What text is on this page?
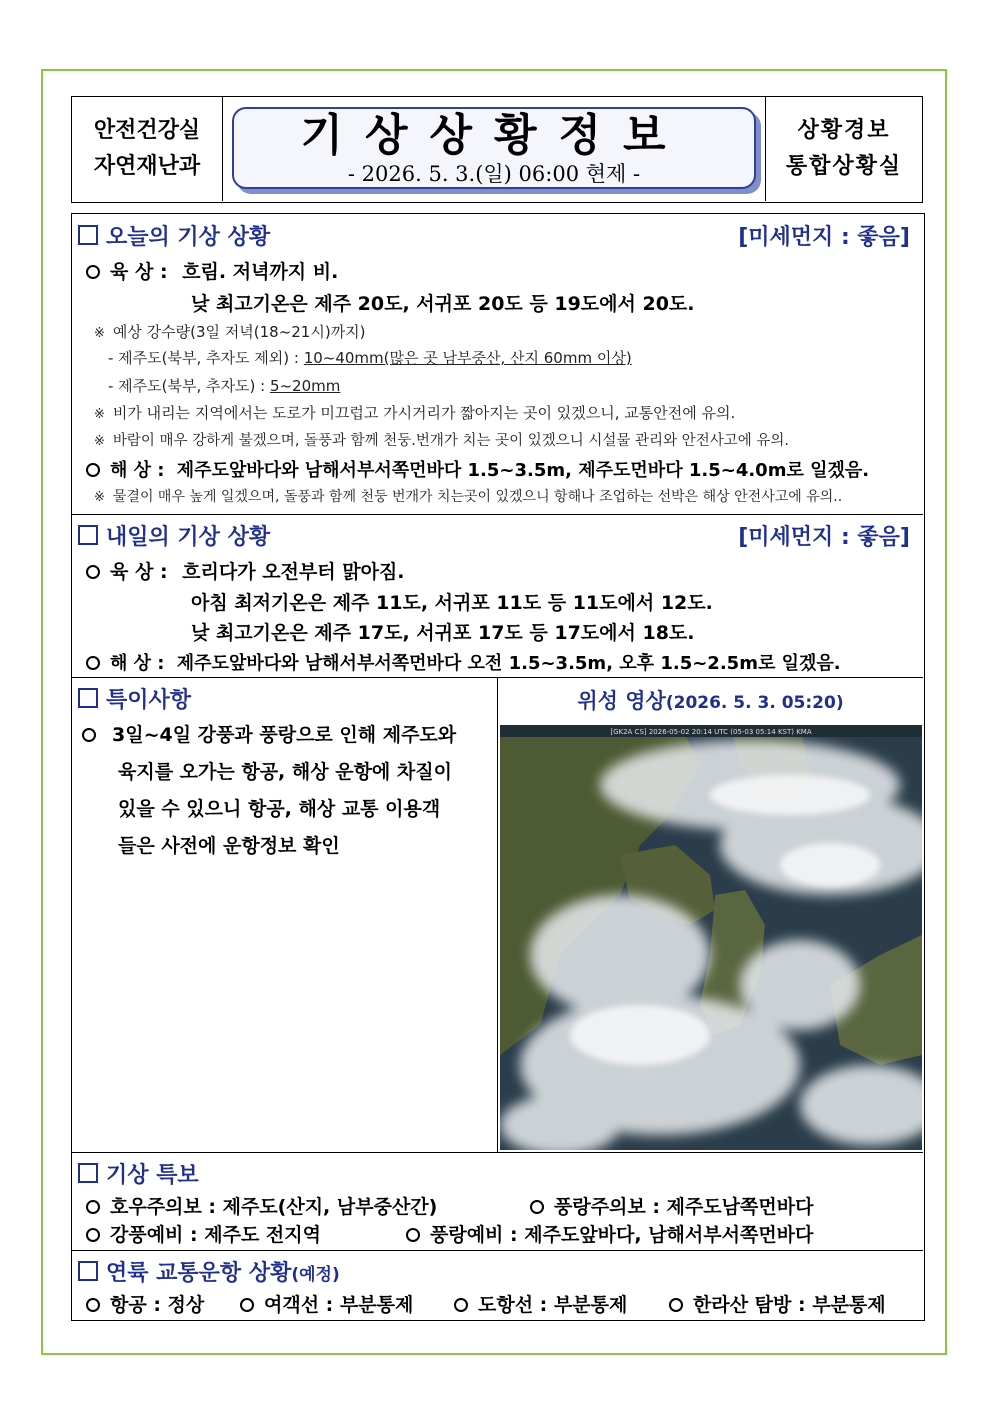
안전건강실
자연재난과
기상상황정보
- 2026. 5. 3.(일) 06:00 현제 -
상황경보
통합상황실
오늘의 기상 상황	[미세먼지 : 좋음]
육 상 : 흐림. 저녁까지 비.
낮 최고기온은 제주 20도, 서귀포 20도 등 19도에서 20도.
※ 예상 강수량(3일 저녁(18~21시)까지)
- 제주도(북부, 추자도 제외) : 10~40mm(많은 곳 남부중산, 산지 60mm 이상)
- 제주도(북부, 추자도) : 5~20mm
※ 비가 내리는 지역에서는 도로가 미끄럽고 가시거리가 짧아지는 곳이 있겠으니, 교통안전에 유의.
※ 바람이 매우 강하게 불겠으며, 돌풍과 함께 천둥.번개가 치는 곳이 있겠으니 시설물 관리와 안전사고에 유의.
해 상 : 제주도앞바다와 남해서부서쪽먼바다 1.5~3.5m, 제주도먼바다 1.5~4.0m로 일겠음.
※ 물결이 매우 높게 일겠으며, 돌풍과 함께 천둥 번개가 치는곳이 있겠으니 항해나 조업하는 선박은 해상 안전사고에 유의..
내일의 기상 상황	[미세먼지 : 좋음]
육 상 : 흐리다가 오전부터 맑아짐.
아침 최저기온은 제주 11도, 서귀포 11도 등 11도에서 12도.
낮 최고기온은 제주 17도, 서귀포 17도 등 17도에서 18도.
해 상 : 제주도앞바다와 남해서부서쪽먼바다 오전 1.5~3.5m, 오후 1.5~2.5m로 일겠음.
특이사항
3일~4일 강풍과 풍랑으로 인해 제주도와
육지를 오가는 항공, 해상 운항에 차질이
있을 수 있으니 항공, 해상 교통 이용객
들은 사전에 운항정보 확인
위성 영상(2026. 5. 3. 05:20)
[GK2A CS] 2026-05-02 20:14 UTC (05-03 05:14 KST) KMA
기상 특보
호우주의보 : 제주도(산지, 남부중산간)	풍랑주의보 : 제주도남쪽먼바다
강풍예비 : 제주도 전지역	풍랑예비 : 제주도앞바다, 남해서부서쪽먼바다
연륙 교통운항 상황(예정)
항공 : 정상	여객선 : 부분통제	도항선 : 부분통제	한라산 탐방 : 부분통제
